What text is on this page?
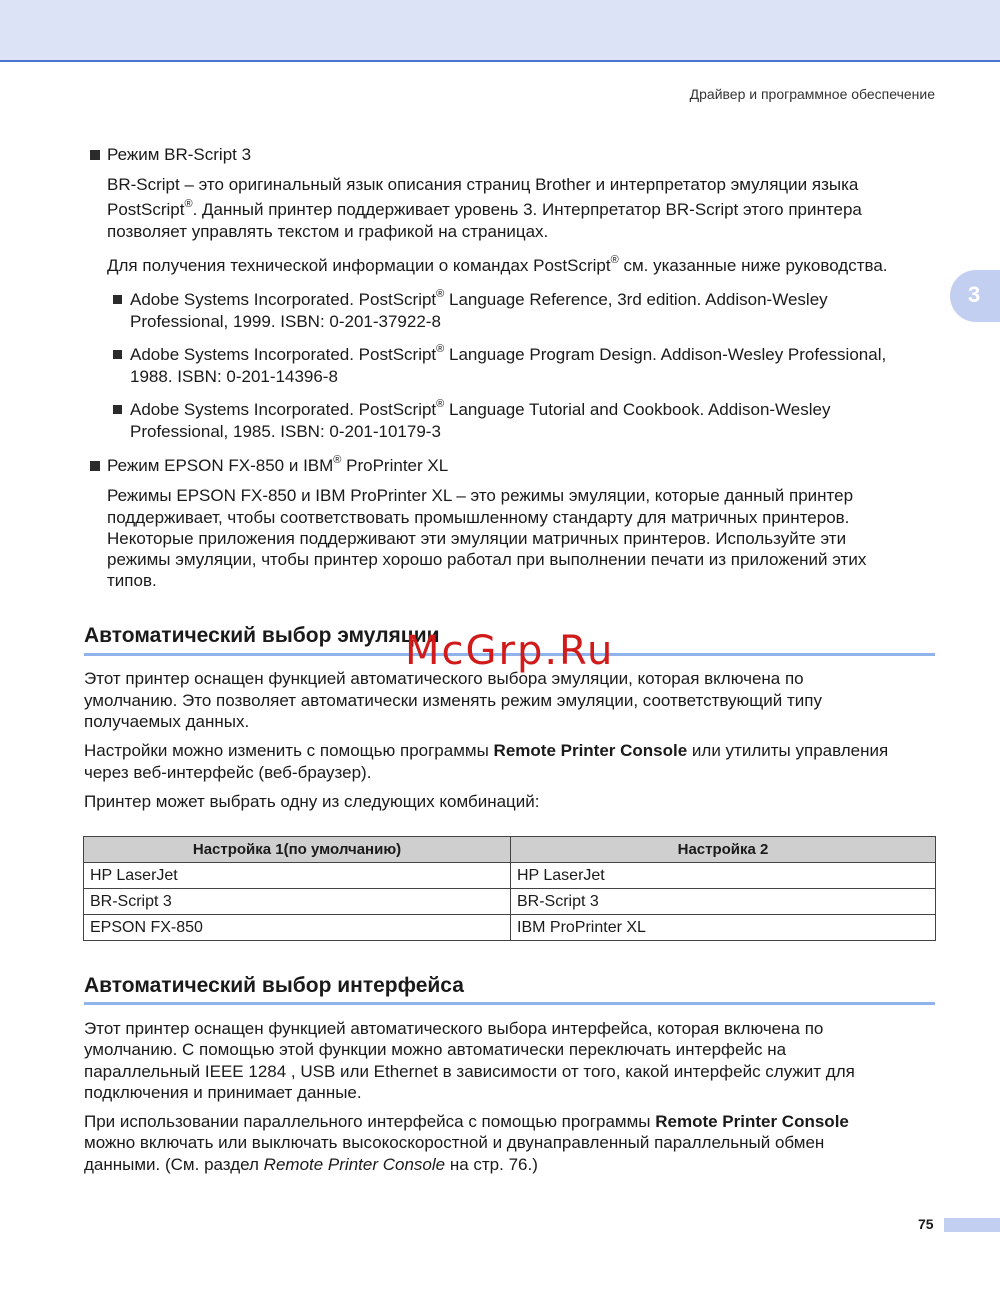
Драйвер и программное обеспечение
3
Режим BR-Script 3
BR-Script – это оригинальный язык описания страниц Brother и интерпретатор эмуляции языка
PostScript®. Данный принтер поддерживает уровень 3. Интерпретатор BR-Script этого принтера
позволяет управлять текстом и графикой на страницах.
Для получения технической информации о командах PostScript® см. указанные ниже руководства.
Adobe Systems Incorporated. PostScript® Language Reference, 3rd edition. Addison-Wesley
Professional, 1999. ISBN: 0-201-37922-8
Adobe Systems Incorporated. PostScript® Language Program Design. Addison-Wesley Professional,
1988. ISBN: 0-201-14396-8
Adobe Systems Incorporated. PostScript® Language Tutorial and Cookbook. Addison-Wesley
Professional, 1985. ISBN: 0-201-10179-3
Режим EPSON FX-850 и IBM® ProPrinter XL
Режимы EPSON FX-850 и IBM ProPrinter XL – это режимы эмуляции, которые данный принтер
поддерживает, чтобы соответствовать промышленному стандарту для матричных принтеров.
Некоторые приложения поддерживают эти эмуляции матричных принтеров. Используйте эти
режимы эмуляции, чтобы принтер хорошо работал при выполнении печати из приложений этих
типов.
Автоматический выбор эмуляции
McGrp.Ru
Этот принтер оснащен функцией автоматического выбора эмуляции, которая включена по
умолчанию. Это позволяет автоматически изменять режим эмуляции, соответствующий типу
получаемых данных.
Настройки можно изменить с помощью программы Remote Printer Console или утилиты управления
через веб-интерфейс (веб-браузер).
Принтер может выбрать одну из следующих комбинаций:
Настройка 1(по умолчанию)	Настройка 2
HP LaserJet	HP LaserJet
BR-Script 3	BR-Script 3
EPSON FX-850	IBM ProPrinter XL
Автоматический выбор интерфейса
Этот принтер оснащен функцией автоматического выбора интерфейса, которая включена по
умолчанию. С помощью этой функции можно автоматически переключать интерфейс на
параллельный IEEE 1284 , USB или Ethernet в зависимости от того, какой интерфейс служит для
подключения и принимает данные.
При использовании параллельного интерфейса с помощью программы Remote Printer Console
можно включать или выключать высокоскоростной и двунаправленный параллельный обмен
данными. (См. раздел Remote Printer Console на стр. 76.)
75
